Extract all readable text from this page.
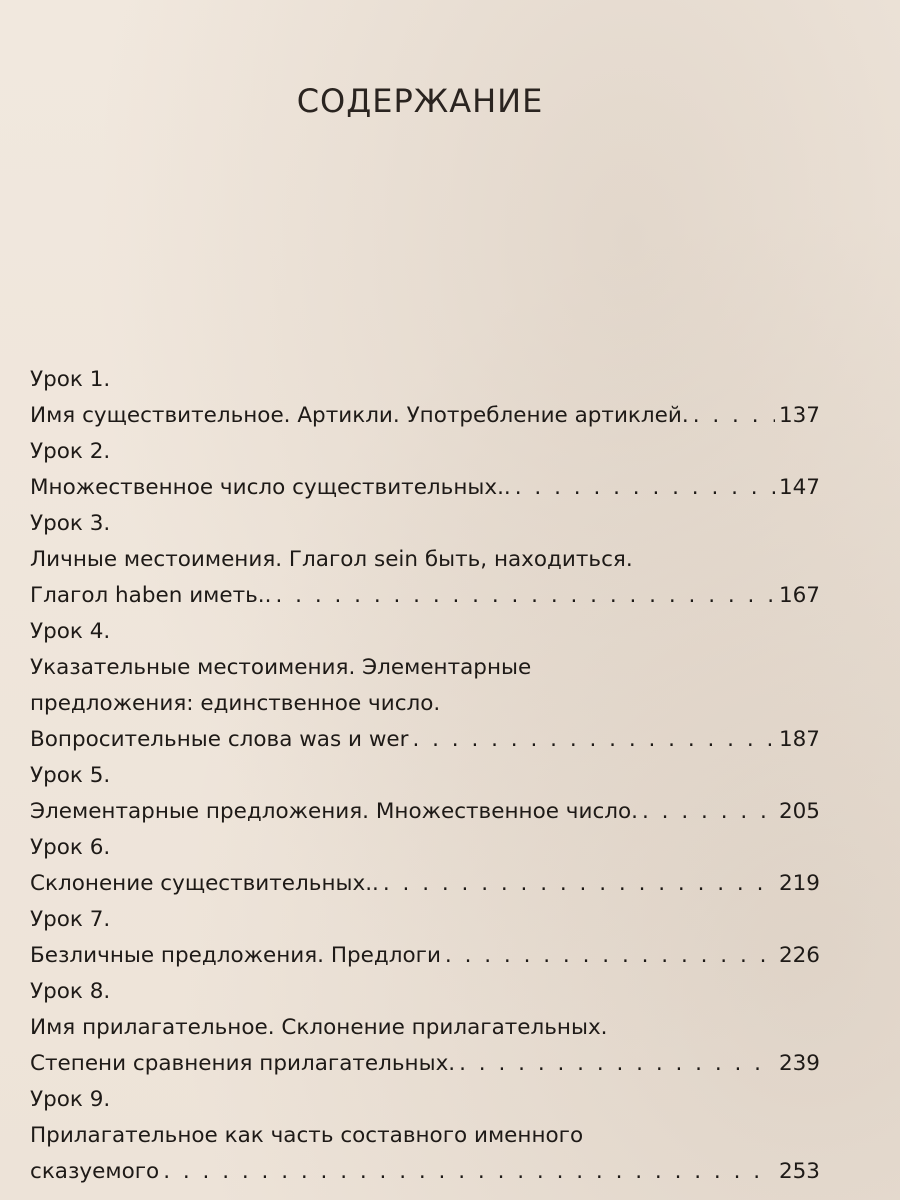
СОДЕРЖАНИЕ
Урок 1.
Имя существительное. Артикли. Употребление артиклей. . . .	137
Урок 2.
Множественное число существительных.. . . .	147
Урок 3.
Личные местоимения. Глагол sein быть, находиться.
Глагол haben иметь.. . . .	167
Урок 4.
Указательные местоимения. Элементарные
предложения: единственное число.
Вопросительные слова was и wer . . .	187
Урок 5.
Элементарные предложения. Множественное число. . . .	205
Урок 6.
Склонение существительных.. . . .	219
Урок 7.
Безличные предложения. Предлоги . . .	226
Урок 8.
Имя прилагательное. Склонение прилагательных.
Степени сравнения прилагательных. . . .	239
Урок 9.
Прилагательное как часть составного именного
сказуемого . . .	253
